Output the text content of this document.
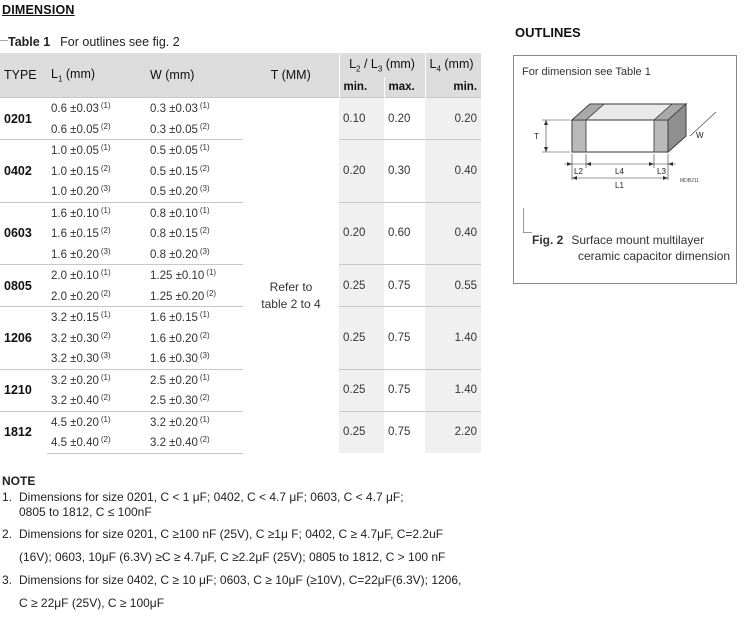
DIMENSION
Table 1 For outlines see fig. 2
TYPE	$L_1$ (mm)	W (mm)	T (MM)	$L_2 / L_3$ (mm)		$L_4$ (mm)
				min.	max.	min.
0201	0.6 ±0.03 $^{(1)}$	0.3 ±0.03 $^{(1)}$	Refer to table 2 to 4	0.10	0.20	0.20
	0.6 ±0.05 $^{(2)}$	0.3 ±0.05 $^{(2)}$
0402	1.0 ±0.05 $^{(1)}$	0.5 ±0.05 $^{(1)}$		0.20	0.30	0.40
	1.0 ±0.15 $^{(2)}$	0.5 ±0.15 $^{(2)}$
	1.0 ±0.20 $^{(3)}$	0.5 ±0.20 $^{(3)}$
0603	1.6 ±0.10 $^{(1)}$	0.8 ±0.10 $^{(1)}$		0.20	0.60	0.40
	1.6 ±0.15 $^{(2)}$	0.8 ±0.15 $^{(2)}$
	1.6 ±0.20 $^{(3)}$	0.8 ±0.20 $^{(3)}$
0805	2.0 ±0.10 $^{(1)}$	1.25 ±0.10 $^{(1)}$		0.25	0.75	0.55
	2.0 ±0.20 $^{(2)}$	1.25 ±0.20 $^{(2)}$
1206	3.2 ±0.15 $^{(1)}$	1.6 ±0.15 $^{(1)}$		0.25	0.75	1.40
	3.2 ±0.30 $^{(2)}$	1.6 ±0.20 $^{(2)}$
	3.2 ±0.30 $^{(3)}$	1.6 ±0.30 $^{(3)}$
1210	3.2 ±0.20 $^{(1)}$	2.5 ±0.20 $^{(1)}$		0.25	0.75	1.40
	3.2 ±0.40 $^{(2)}$	2.5 ±0.30 $^{(2)}$
1812	4.5 ±0.20 $^{(1)}$	3.2 ±0.20 $^{(1)}$		0.25	0.75	2.20
	4.5 ±0.40 $^{(2)}$	3.2 ±0.40 $^{(2)}$
NOTE
1. Dimensions for size 0201, C < 1 μF; 0402, C < 4.7 μF; 0603, C < 4.7 μF;
0805 to 1812, C ≤ 100nF
2. Dimensions for size 0201, C ≥100 nF (25V), C ≥1μ F; 0402, C ≥ 4.7μF, C=2.2uF
(16V); 0603, 10μF (6.3V) ≥C ≥ 4.7μF, C ≥2.2μF (25V); 0805 to 1812, C > 100 nF
3. Dimensions for size 0402, C ≥ 10 μF; 0603, C ≥ 10μF (≥10V), C=22μF(6.3V); 1206,
C ≥ 22μF (25V), C ≥ 100μF
OUTLINES
For dimension see Table 1
T	W
L2	L4	L3
L1	MDB211
Fig. 2 Surface mount multilayer
ceramic capacitor dimension
